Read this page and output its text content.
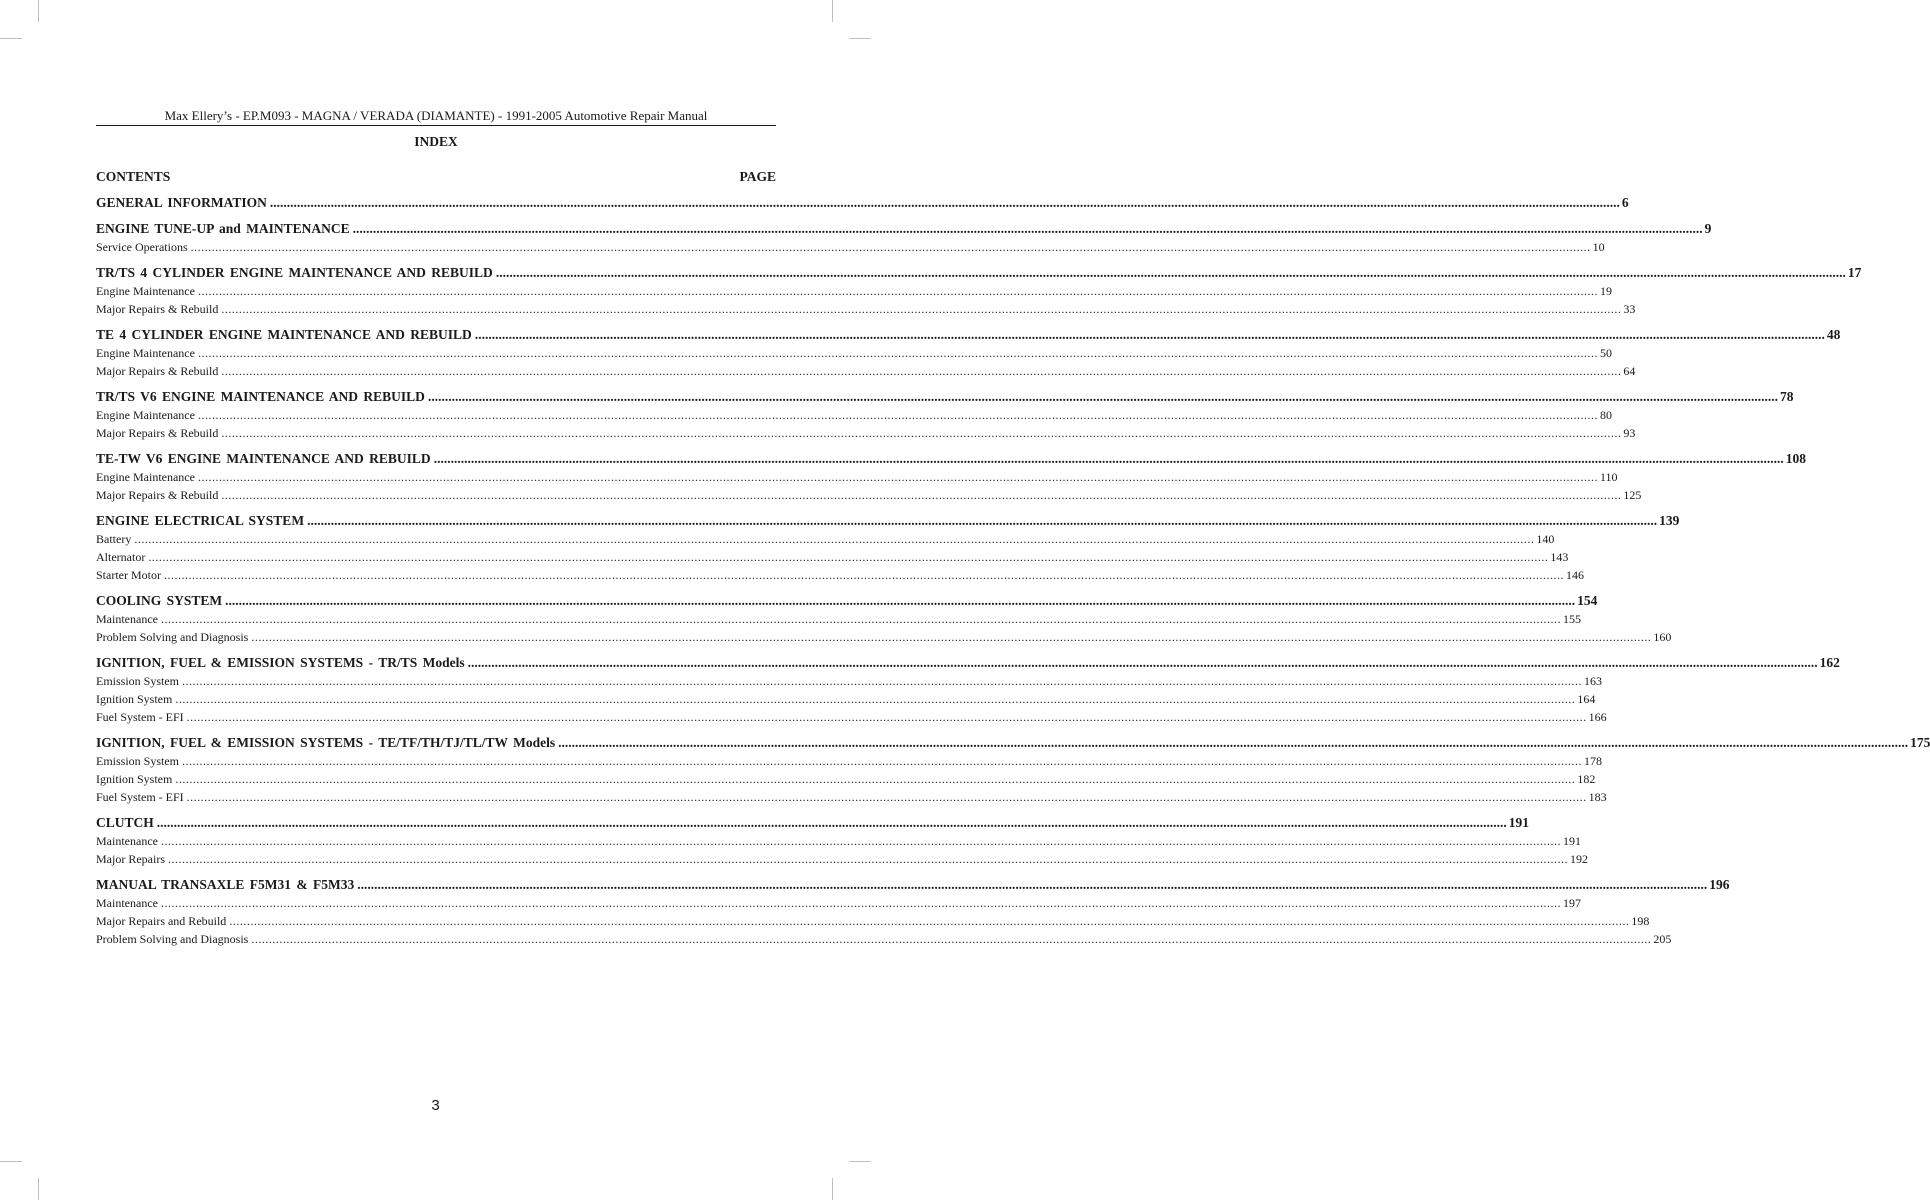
Max Ellery’s - EP.M093 - MAGNA / VERADA (DIAMANTE) - 1991-2005 Automotive Repair Manual
INDEX
CONTENTS	PAGE
GENERAL INFORMATION ................................................................................................................................................................................................................................................................................................................................................................................................................ 6
ENGINE TUNE-UP and MAINTENANCE ................................................................................................................................................................................................................................................................................................................................................................................................................ 9
Service Operations ................................................................................................................................................................................................................................................................................................................................................................................................................ 10
TR/TS 4 CYLINDER ENGINE MAINTENANCE AND REBUILD ................................................................................................................................................................................................................................................................................................................................................................................................................ 17
Engine Maintenance ................................................................................................................................................................................................................................................................................................................................................................................................................ 19
Major Repairs & Rebuild ................................................................................................................................................................................................................................................................................................................................................................................................................ 33
TE 4 CYLINDER ENGINE MAINTENANCE AND REBUILD ................................................................................................................................................................................................................................................................................................................................................................................................................ 48
Engine Maintenance ................................................................................................................................................................................................................................................................................................................................................................................................................ 50
Major Repairs & Rebuild ................................................................................................................................................................................................................................................................................................................................................................................................................ 64
TR/TS V6 ENGINE MAINTENANCE AND REBUILD ................................................................................................................................................................................................................................................................................................................................................................................................................ 78
Engine Maintenance ................................................................................................................................................................................................................................................................................................................................................................................................................ 80
Major Repairs & Rebuild ................................................................................................................................................................................................................................................................................................................................................................................................................ 93
TE-TW V6 ENGINE MAINTENANCE AND REBUILD ................................................................................................................................................................................................................................................................................................................................................................................................................ 108
Engine Maintenance ................................................................................................................................................................................................................................................................................................................................................................................................................ 110
Major Repairs & Rebuild ................................................................................................................................................................................................................................................................................................................................................................................................................ 125
ENGINE ELECTRICAL SYSTEM ................................................................................................................................................................................................................................................................................................................................................................................................................ 139
Battery ................................................................................................................................................................................................................................................................................................................................................................................................................ 140
Alternator ................................................................................................................................................................................................................................................................................................................................................................................................................ 143
Starter Motor ................................................................................................................................................................................................................................................................................................................................................................................................................ 146
COOLING SYSTEM ................................................................................................................................................................................................................................................................................................................................................................................................................ 154
Maintenance ................................................................................................................................................................................................................................................................................................................................................................................................................ 155
Problem Solving and Diagnosis ................................................................................................................................................................................................................................................................................................................................................................................................................ 160
IGNITION, FUEL & EMISSION SYSTEMS - TR/TS Models ................................................................................................................................................................................................................................................................................................................................................................................................................ 162
Emission System ................................................................................................................................................................................................................................................................................................................................................................................................................ 163
Ignition System ................................................................................................................................................................................................................................................................................................................................................................................................................ 164
Fuel System - EFI ................................................................................................................................................................................................................................................................................................................................................................................................................ 166
IGNITION, FUEL & EMISSION SYSTEMS - TE/TF/TH/TJ/TL/TW Models ................................................................................................................................................................................................................................................................................................................................................................................................................ 175
Emission System ................................................................................................................................................................................................................................................................................................................................................................................................................ 178
Ignition System ................................................................................................................................................................................................................................................................................................................................................................................................................ 182
Fuel System - EFI ................................................................................................................................................................................................................................................................................................................................................................................................................ 183
CLUTCH ................................................................................................................................................................................................................................................................................................................................................................................................................ 191
Maintenance ................................................................................................................................................................................................................................................................................................................................................................................................................ 191
Major Repairs ................................................................................................................................................................................................................................................................................................................................................................................................................ 192
MANUAL TRANSAXLE F5M31 & F5M33 ................................................................................................................................................................................................................................................................................................................................................................................................................ 196
Maintenance ................................................................................................................................................................................................................................................................................................................................................................................................................ 197
Major Repairs and Rebuild ................................................................................................................................................................................................................................................................................................................................................................................................................ 198
Problem Solving and Diagnosis ................................................................................................................................................................................................................................................................................................................................................................................................................ 205
3
